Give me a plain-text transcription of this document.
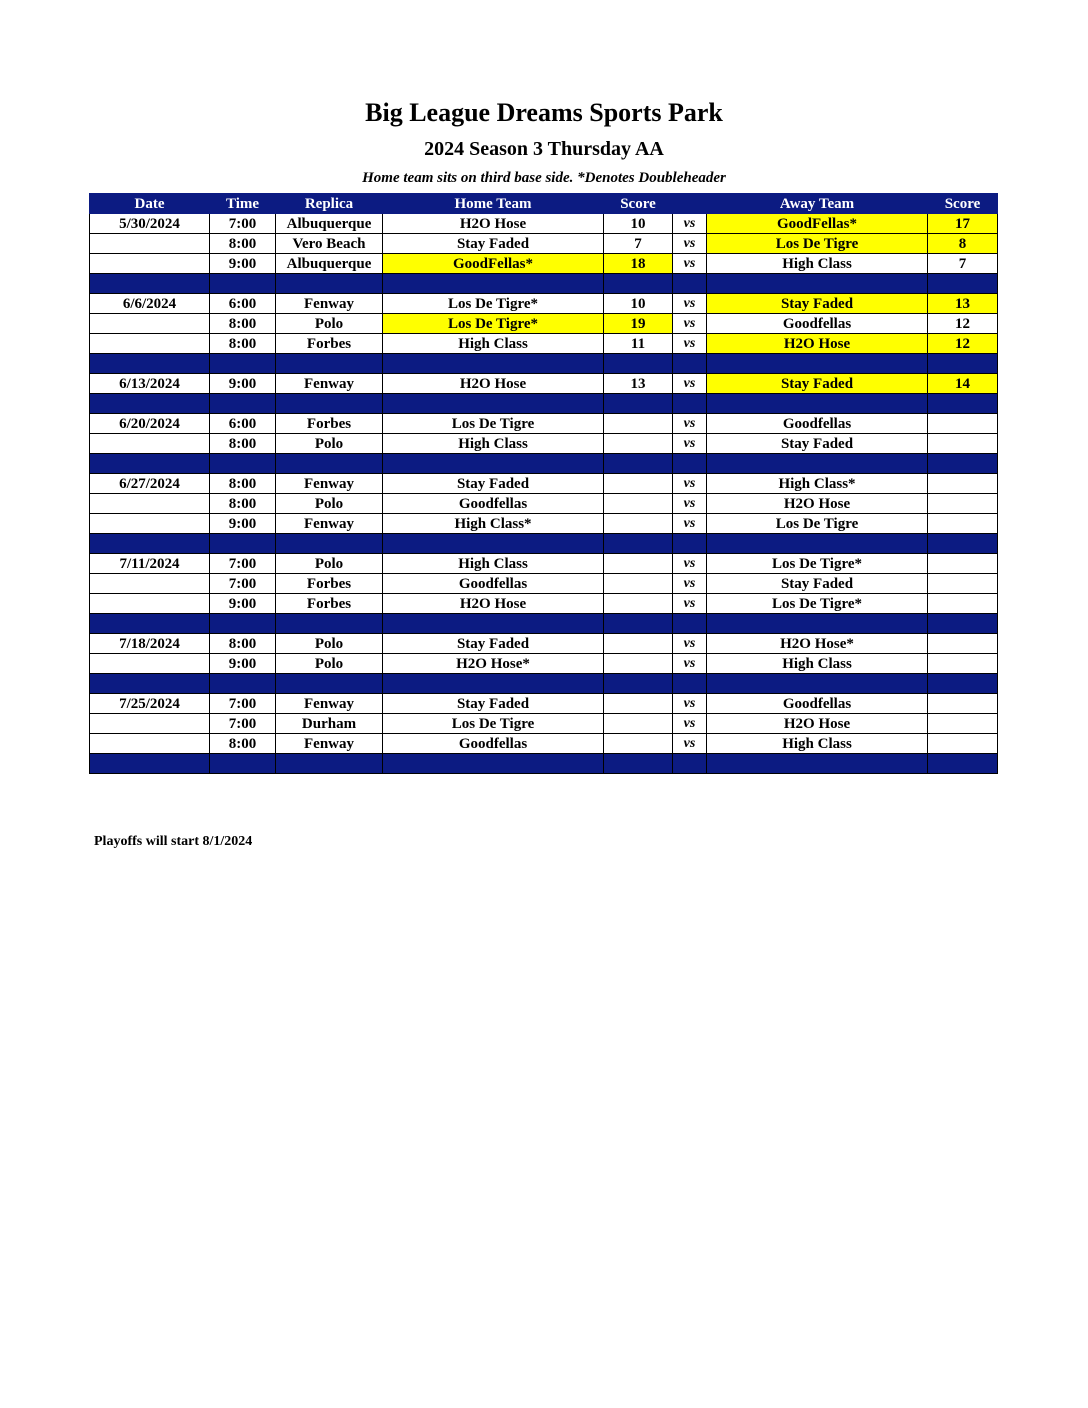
Big League Dreams Sports Park
2024 Season 3 Thursday AA
Home team sits on third base side. *Denotes Doubleheader
Date	Time	Replica	Home Team	Score		Away Team	Score
5/30/2024	7:00	Albuquerque	H2O Hose	10	vs	GoodFellas*	17
	8:00	Vero Beach	Stay Faded	7	vs	Los De Tigre	8
	9:00	Albuquerque	GoodFellas*	18	vs	High Class	7

6/6/2024	6:00	Fenway	Los De Tigre*	10	vs	Stay Faded	13
	8:00	Polo	Los De Tigre*	19	vs	Goodfellas	12
	8:00	Forbes	High Class	11	vs	H2O Hose	12

6/13/2024	9:00	Fenway	H2O Hose	13	vs	Stay Faded	14

6/20/2024	6:00	Forbes	Los De Tigre		vs	Goodfellas	
	8:00	Polo	High Class		vs	Stay Faded	

6/27/2024	8:00	Fenway	Stay Faded		vs	High Class*	
	8:00	Polo	Goodfellas		vs	H2O Hose	
	9:00	Fenway	High Class*		vs	Los De Tigre	

7/11/2024	7:00	Polo	High Class		vs	Los De Tigre*	
	7:00	Forbes	Goodfellas		vs	Stay Faded	
	9:00	Forbes	H2O Hose		vs	Los De Tigre*	

7/18/2024	8:00	Polo	Stay Faded		vs	H2O Hose*	
	9:00	Polo	H2O Hose*		vs	High Class	

7/25/2024	7:00	Fenway	Stay Faded		vs	Goodfellas	
	7:00	Durham	Los De Tigre		vs	H2O Hose	
	8:00	Fenway	Goodfellas		vs	High Class	

Playoffs will start 8/1/2024
